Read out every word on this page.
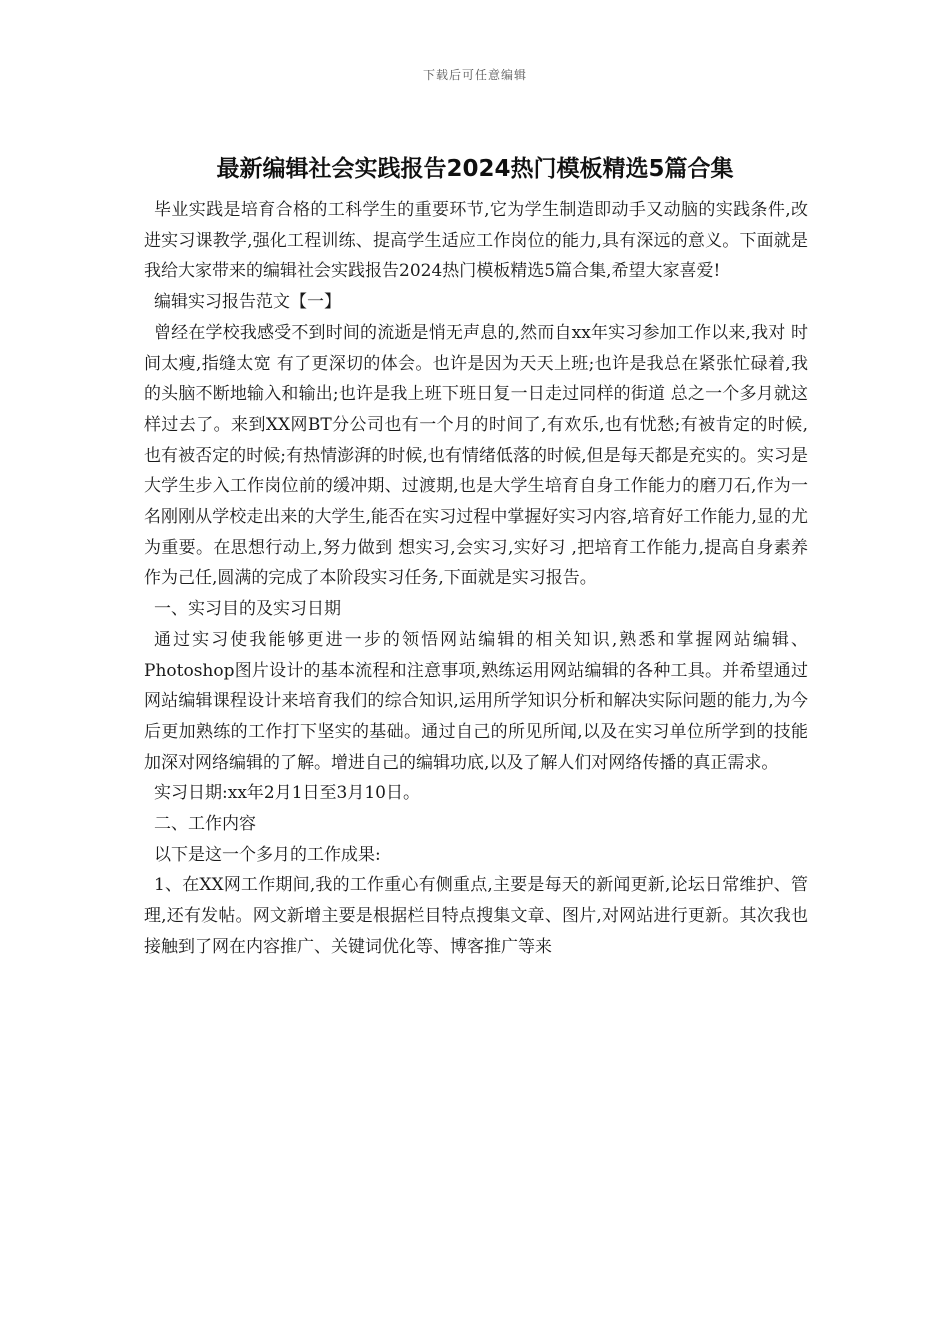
下载后可任意编辑
最新编辑社会实践报告2024热门模板精选5篇合集

毕业实践是培育合格的工科学生的重要环节,它为学生制造即动手又动脑的实践条件,改进实习课教学,强化工程训练、提高学生适应工作岗位的能力,具有深远的意义。下面就是我给大家带来的编辑社会实践报告2024热门模板精选5篇合集,希望大家喜爱!

编辑实习报告范文【一】

曾经在学校我感受不到时间的流逝是悄无声息的,然而自xx年实习参加工作以来,我对 时间太瘦,指缝太宽 有了更深切的体会。也许是因为天天上班;也许是我总在紧张忙碌着,我的头脑不断地输入和输出;也许是我上班下班日复一日走过同样的街道 总之一个多月就这样过去了。来到XX网BT分公司也有一个月的时间了,有欢乐,也有忧愁;有被肯定的时候,也有被否定的时候;有热情澎湃的时候,也有情绪低落的时候,但是每天都是充实的。实习是大学生步入工作岗位前的缓冲期、过渡期,也是大学生培育自身工作能力的磨刀石,作为一名刚刚从学校走出来的大学生,能否在实习过程中掌握好实习内容,培育好工作能力,显的尤为重要。在思想行动上,努力做到 想实习,会实习,实好习 ,把培育工作能力,提高自身素养作为己任,圆满的完成了本阶段实习任务,下面就是实习报告。

一、实习目的及实习日期

通过实习使我能够更进一步的领悟网站编辑的相关知识,熟悉和掌握网站编辑、Photoshop图片设计的基本流程和注意事项,熟练运用网站编辑的各种工具。并希望通过网站编辑课程设计来培育我们的综合知识,运用所学知识分析和解决实际问题的能力,为今后更加熟练的工作打下坚实的基础。通过自己的所见所闻,以及在实习单位所学到的技能加深对网络编辑的了解。增进自己的编辑功底,以及了解人们对网络传播的真正需求。

实习日期:xx年2月1日至3月10日。

二、工作内容

以下是这一个多月的工作成果:

1、在XX网工作期间,我的工作重心有侧重点,主要是每天的新闻更新,论坛日常维护、管理,还有发帖。网文新增主要是根据栏目特点搜集文章、图片,对网站进行更新。其次我也接触到了网在内容推广、关键词优化等、博客推广等来
